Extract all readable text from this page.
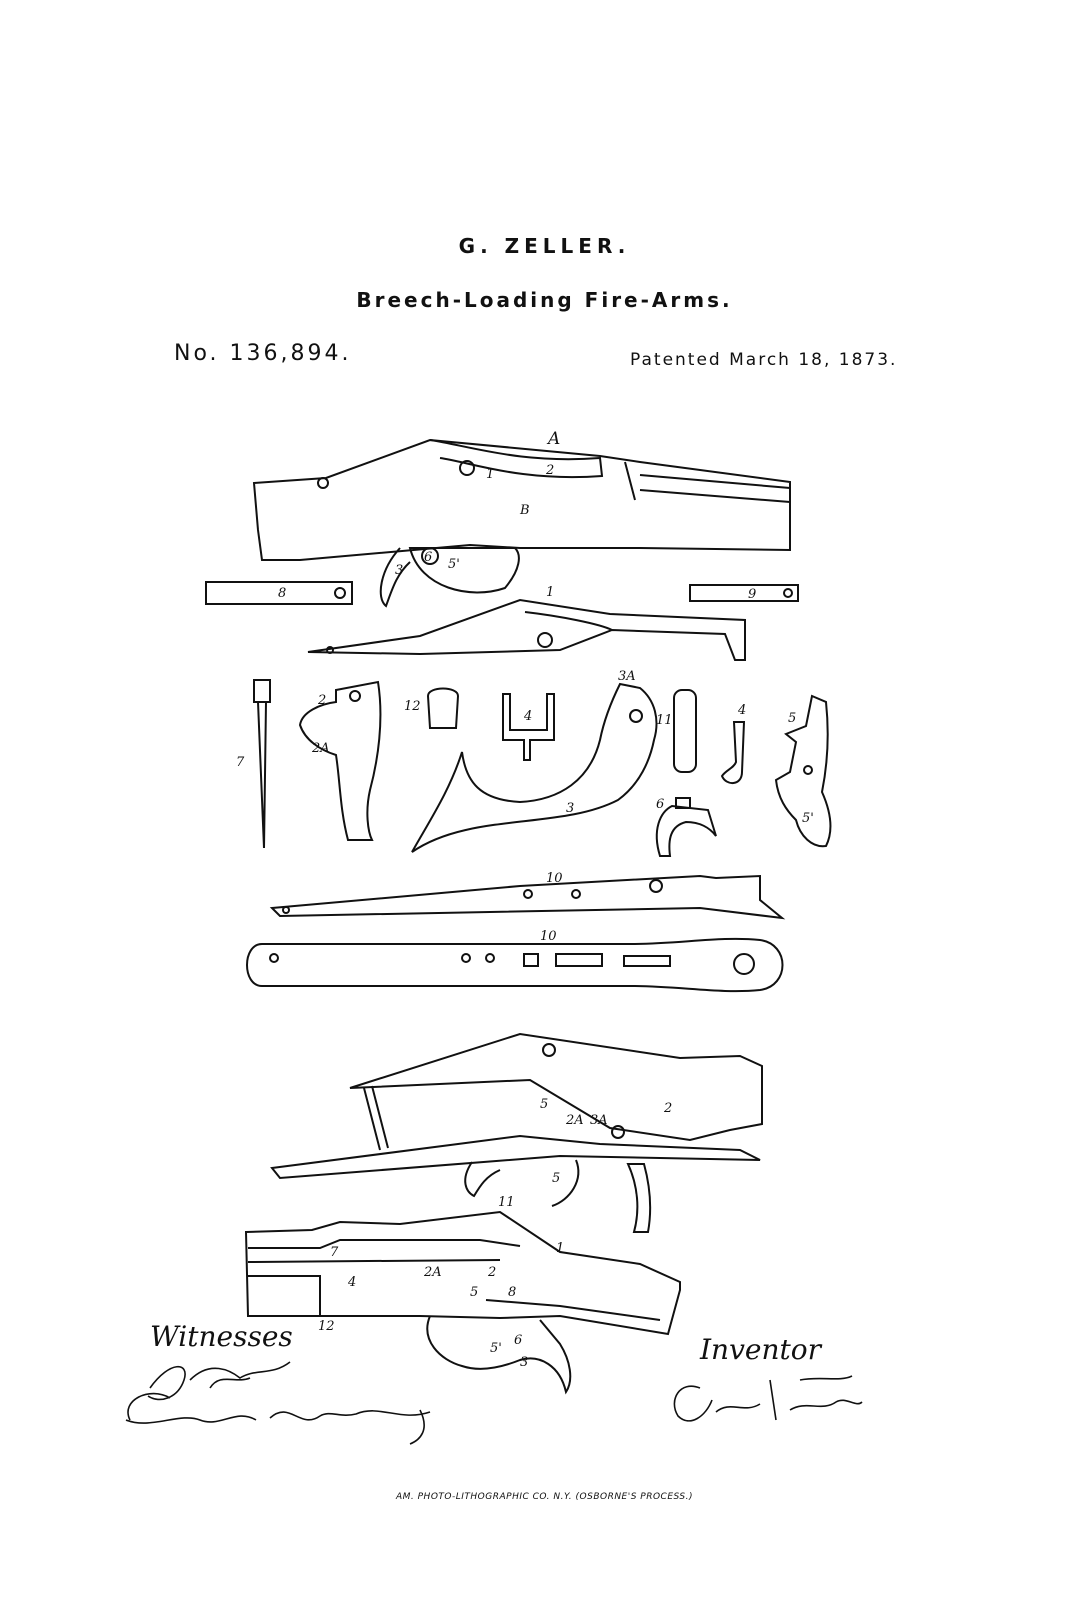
G. ZELLER.
Breech-Loading Fire-Arms.
No. 136,894.	Patented March 18, 1873.
A
B
1	2
3
6 5'
8	9
1
7
2
2A
12
4
3A
3
11
4
6
5
5'
10
10
5
2A 3A
2
5
11
1
7
2A	2
4
5 8
12
6
5'
3
Witnesses	Inventor
AM. PHOTO-LITHOGRAPHIC CO. N.Y. (OSBORNE'S PROCESS.)
